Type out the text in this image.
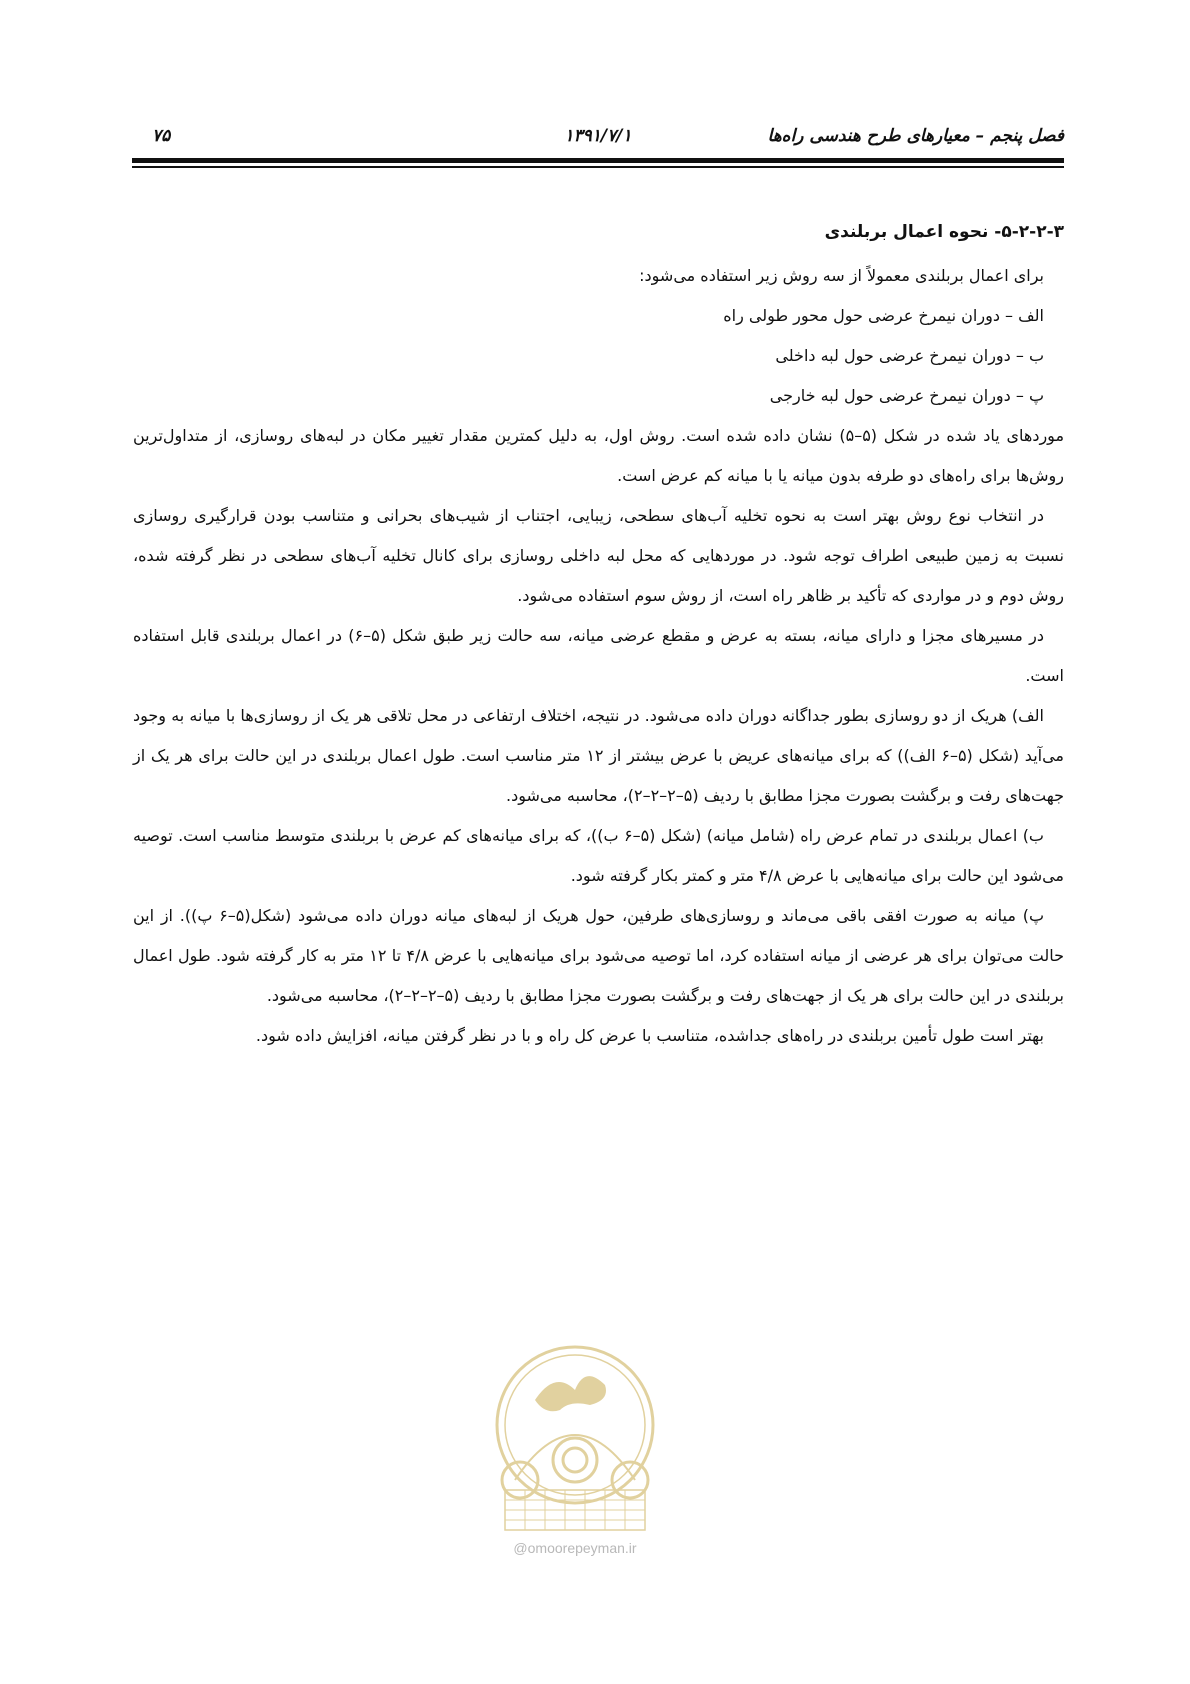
فصل پنجم – معیارهای طرح هندسی راه‌ها
۱۳۹۱/۷/۱
۷۵
۵-۲-۲-۳- نحوه اعمال بربلندی

برای اعمال بربلندی معمولاً از سه روش زیر استفاده می‌شود:

الف – دوران نیمرخ عرضی حول محور طولی راه

ب – دوران نیمرخ عرضی حول لبه داخلی

پ – دوران نیمرخ عرضی حول لبه خارجی

موردهای یاد شده در شکل (۵–۵) نشان داده شده است. روش اول، به دلیل کمترین مقدار تغییر مکان در لبه‌های روسازی، از متداول‌ترین روش‌ها برای راه‌های دو طرفه بدون میانه یا با میانه کم عرض است.

در انتخاب نوع روش بهتر است به نحوه تخلیه آب‌های سطحی، زیبایی، اجتناب از شیب‌های بحرانی و متناسب بودن قرارگیری روسازی نسبت به زمین طبیعی اطراف توجه شود. در موردهایی که محل لبه داخلی روسازی برای کانال تخلیه آب‌های سطحی در نظر گرفته شده، روش دوم و در مواردی که تأکید بر ظاهر راه است، از روش سوم استفاده می‌شود.

در مسیرهای مجزا و دارای میانه، بسته به عرض و مقطع عرضی میانه، سه حالت زیر طبق شکل (۵–۶) در اعمال بربلندی قابل استفاده است.

الف) هریک از دو روسازی بطور جداگانه دوران داده می‌شود. در نتیجه، اختلاف ارتفاعی در محل تلاقی هر یک از روسازی‌ها با میانه به وجود می‌آید (شکل (۵–۶ الف)) که برای میانه‌های عریض با عرض بیشتر از ۱۲ متر مناسب است. طول اعمال بربلندی در این حالت برای هر یک از جهت‌های رفت و برگشت بصورت مجزا مطابق با ردیف (۵–۲–۲–۲)، محاسبه می‌شود.

ب) اعمال بربلندی در تمام عرض راه (شامل میانه) (شکل (۵–۶ ب))، که برای میانه‌های کم عرض با بربلندی متوسط مناسب است. توصیه می‌شود این حالت برای میانه‌هایی با عرض ۴/۸ متر و کمتر بکار گرفته شود.

پ) میانه به صورت افقی باقی می‌ماند و روسازی‌های طرفین، حول هریک از لبه‌های میانه دوران داده می‌شود (شکل(۵–۶ پ)). از این حالت می‌توان برای هر عرضی از میانه استفاده کرد، اما توصیه می‌شود برای میانه‌هایی با عرض ۴/۸ تا ۱۲ متر به کار گرفته شود. طول اعمال بربلندی در این حالت برای هر یک از جهت‌های رفت و برگشت بصورت مجزا مطابق با ردیف (۵–۲–۲–۲)، محاسبه می‌شود.

بهتر است طول تأمین بربلندی در راه‌های جداشده، متناسب با عرض کل راه و با در نظر گرفتن میانه، افزایش داده شود.

@omoorepeyman.ir
